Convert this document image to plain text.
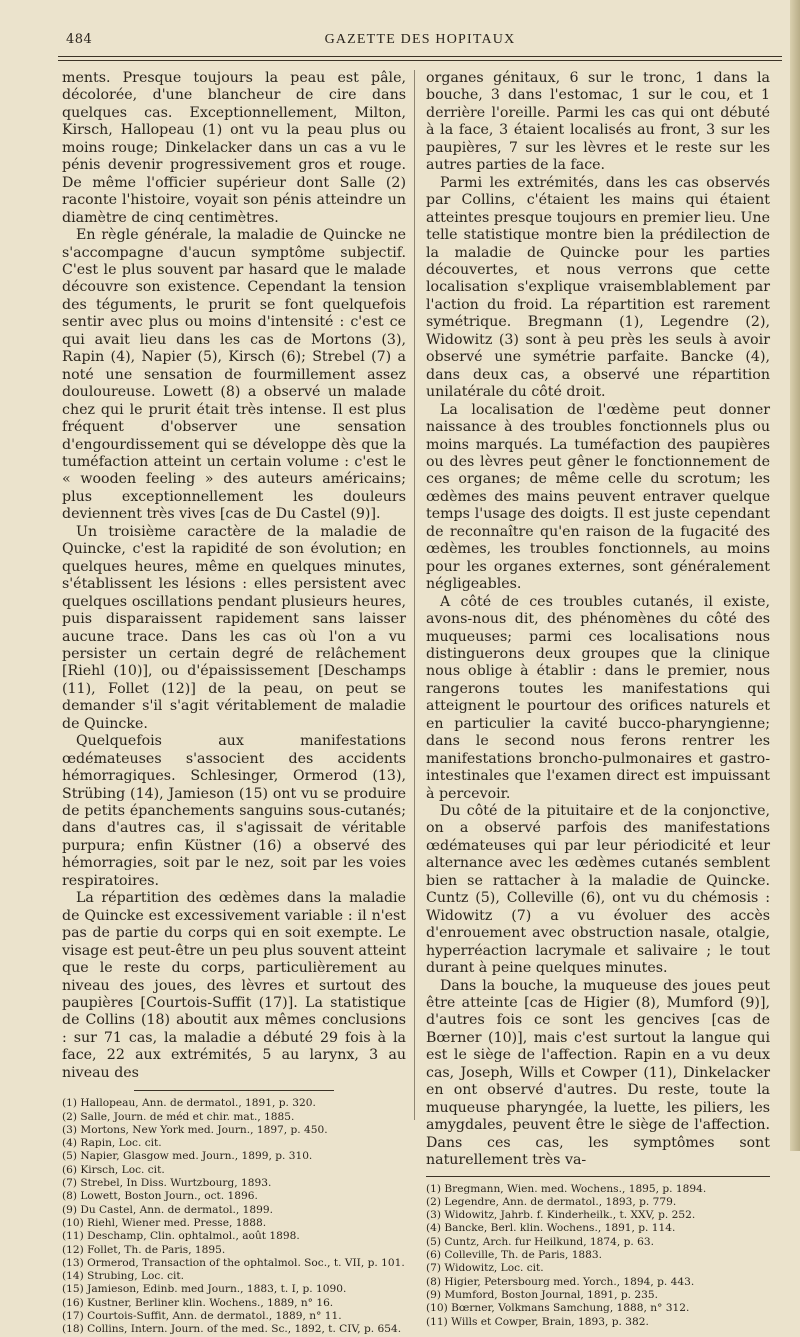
484	GAZETTE DES HOPITAUX

ments. Presque toujours la peau est pâle, décolorée, d'une blancheur de cire dans quelques cas. Exceptionnellement, Milton, Kirsch, Hallopeau (1) ont vu la peau plus ou moins rouge; Dinkelacker dans un cas a vu le pénis devenir progressivement gros et rouge. De même l'officier supérieur dont Salle (2) raconte l'histoire, voyait son pénis atteindre un diamètre de cinq centimètres.

En règle générale, la maladie de Quincke ne s'accompagne d'aucun symptôme subjectif. C'est le plus souvent par hasard que le malade découvre son existence. Cependant la tension des téguments, le prurit se font quelquefois sentir avec plus ou moins d'intensité : c'est ce qui avait lieu dans les cas de Mortons (3), Rapin (4), Napier (5), Kirsch (6); Strebel (7) a noté une sensation de fourmillement assez douloureuse. Lowett (8) a observé un malade chez qui le prurit était très intense. Il est plus fréquent d'observer une sensation d'engourdissement qui se développe dès que la tuméfaction atteint un certain volume : c'est le « wooden feeling » des auteurs américains; plus exceptionnellement les douleurs deviennent très vives [cas de Du Castel (9)].

Un troisième caractère de la maladie de Quincke, c'est la rapidité de son évolution; en quelques heures, même en quelques minutes, s'établissent les lésions : elles persistent avec quelques oscillations pendant plusieurs heures, puis disparaissent rapidement sans laisser aucune trace. Dans les cas où l'on a vu persister un certain degré de relâchement [Riehl (10)], ou d'épaississement [Deschamps (11), Follet (12)] de la peau, on peut se demander s'il s'agit véritablement de maladie de Quincke.

Quelquefois aux manifestations œdémateuses s'associent des accidents hémorragiques. Schlesinger, Ormerod (13), Strübing (14), Jamieson (15) ont vu se produire de petits épanchements sanguins sous-cutanés; dans d'autres cas, il s'agissait de véritable purpura; enfin Küstner (16) a observé des hémorragies, soit par le nez, soit par les voies respiratoires.

La répartition des œdèmes dans la maladie de Quincke est excessivement variable : il n'est pas de partie du corps qui en soit exempte. Le visage est peut-être un peu plus souvent atteint que le reste du corps, particulièrement au niveau des joues, des lèvres et surtout des paupières [Courtois-Suffit (17)]. La statistique de Collins (18) aboutit aux mêmes conclusions : sur 71 cas, la maladie a débuté 29 fois à la face, 22 aux extrémités, 5 au larynx, 3 au niveau des

(1) Hallopeau, Ann. de dermatol., 1891, p. 320.
(2) Salle, Journ. de méd et chir. mat., 1885.
(3) Mortons, New York med. Journ., 1897, p. 450.
(4) Rapin, Loc. cit.
(5) Napier, Glasgow med. Journ., 1899, p. 310.
(6) Kirsch, Loc. cit.
(7) Strebel, In Diss. Wurtzbourg, 1893.
(8) Lowett, Boston Journ., oct. 1896.
(9) Du Castel, Ann. de dermatol., 1899.
(10) Riehl, Wiener med. Presse, 1888.
(11) Deschamp, Clin. ophtalmol., août 1898.
(12) Follet, Th. de Paris, 1895.
(13) Ormerod, Transaction of the ophtalmol. Soc., t. VII, p. 101.
(14) Strubing, Loc. cit.
(15) Jamieson, Edinb. med Journ., 1883, t. I, p. 1090.
(16) Kustner, Berliner klin. Wochens., 1889, n° 16.
(17) Courtois-Suffit, Ann. de dermatol., 1889, n° 11.
(18) Collins, Intern. Journ. of the med. Sc., 1892, t. CIV, p. 654.

organes génitaux, 6 sur le tronc, 1 dans la bouche, 3 dans l'estomac, 1 sur le cou, et 1 derrière l'oreille. Parmi les cas qui ont débuté à la face, 3 étaient localisés au front, 3 sur les paupières, 7 sur les lèvres et le reste sur les autres parties de la face.

Parmi les extrémités, dans les cas observés par Collins, c'étaient les mains qui étaient atteintes presque toujours en premier lieu. Une telle statistique montre bien la prédilection de la maladie de Quincke pour les parties découvertes, et nous verrons que cette localisation s'explique vraisemblablement par l'action du froid. La répartition est rarement symétrique. Bregmann (1), Legendre (2), Widowitz (3) sont à peu près les seuls à avoir observé une symétrie parfaite. Bancke (4), dans deux cas, a observé une répartition unilatérale du côté droit.

La localisation de l'œdème peut donner naissance à des troubles fonctionnels plus ou moins marqués. La tuméfaction des paupières ou des lèvres peut gêner le fonctionnement de ces organes; de même celle du scrotum; les œdèmes des mains peuvent entraver quelque temps l'usage des doigts. Il est juste cependant de reconnaître qu'en raison de la fugacité des œdèmes, les troubles fonctionnels, au moins pour les organes externes, sont généralement négligeables.

A côté de ces troubles cutanés, il existe, avons-nous dit, des phénomènes du côté des muqueuses; parmi ces localisations nous distinguerons deux groupes que la clinique nous oblige à établir : dans le premier, nous rangerons toutes les manifestations qui atteignent le pourtour des orifices naturels et en particulier la cavité bucco-pharyngienne; dans le second nous ferons rentrer les manifestations broncho-pulmonaires et gastro-intestinales que l'examen direct est impuissant à percevoir.

Du côté de la pituitaire et de la conjonctive, on a observé parfois des manifestations œdémateuses qui par leur périodicité et leur alternance avec les œdèmes cutanés semblent bien se rattacher à la maladie de Quincke. Cuntz (5), Colleville (6), ont vu du chémosis : Widowitz (7) a vu évoluer des accès d'enrouement avec obstruction nasale, otalgie, hyperréaction lacrymale et salivaire ; le tout durant à peine quelques minutes.

Dans la bouche, la muqueuse des joues peut être atteinte [cas de Higier (8), Mumford (9)], d'autres fois ce sont les gencives [cas de Bœrner (10)], mais c'est surtout la langue qui est le siège de l'affection. Rapin en a vu deux cas, Joseph, Wills et Cowper (11), Dinkelacker en ont observé d'autres. Du reste, toute la muqueuse pharyngée, la luette, les piliers, les amygdales, peuvent être le siège de l'affection. Dans ces cas, les symptômes sont naturellement très va-

(1) Bregmann, Wien. med. Wochens., 1895, p. 1894.
(2) Legendre, Ann. de dermatol., 1893, p. 779.
(3) Widowitz, Jahrb. f. Kinderheilk., t. XXV, p. 252.
(4) Bancke, Berl. klin. Wochens., 1891, p. 114.
(5) Cuntz, Arch. fur Heilkund, 1874, p. 63.
(6) Colleville, Th. de Paris, 1883.
(7) Widowitz, Loc. cit.
(8) Higier, Petersbourg med. Yorch., 1894, p. 443.
(9) Mumford, Boston Journal, 1891, p. 235.
(10) Bœrner, Volkmans Samchung, 1888, n° 312.
(11) Wills et Cowper, Brain, 1893, p. 382.
